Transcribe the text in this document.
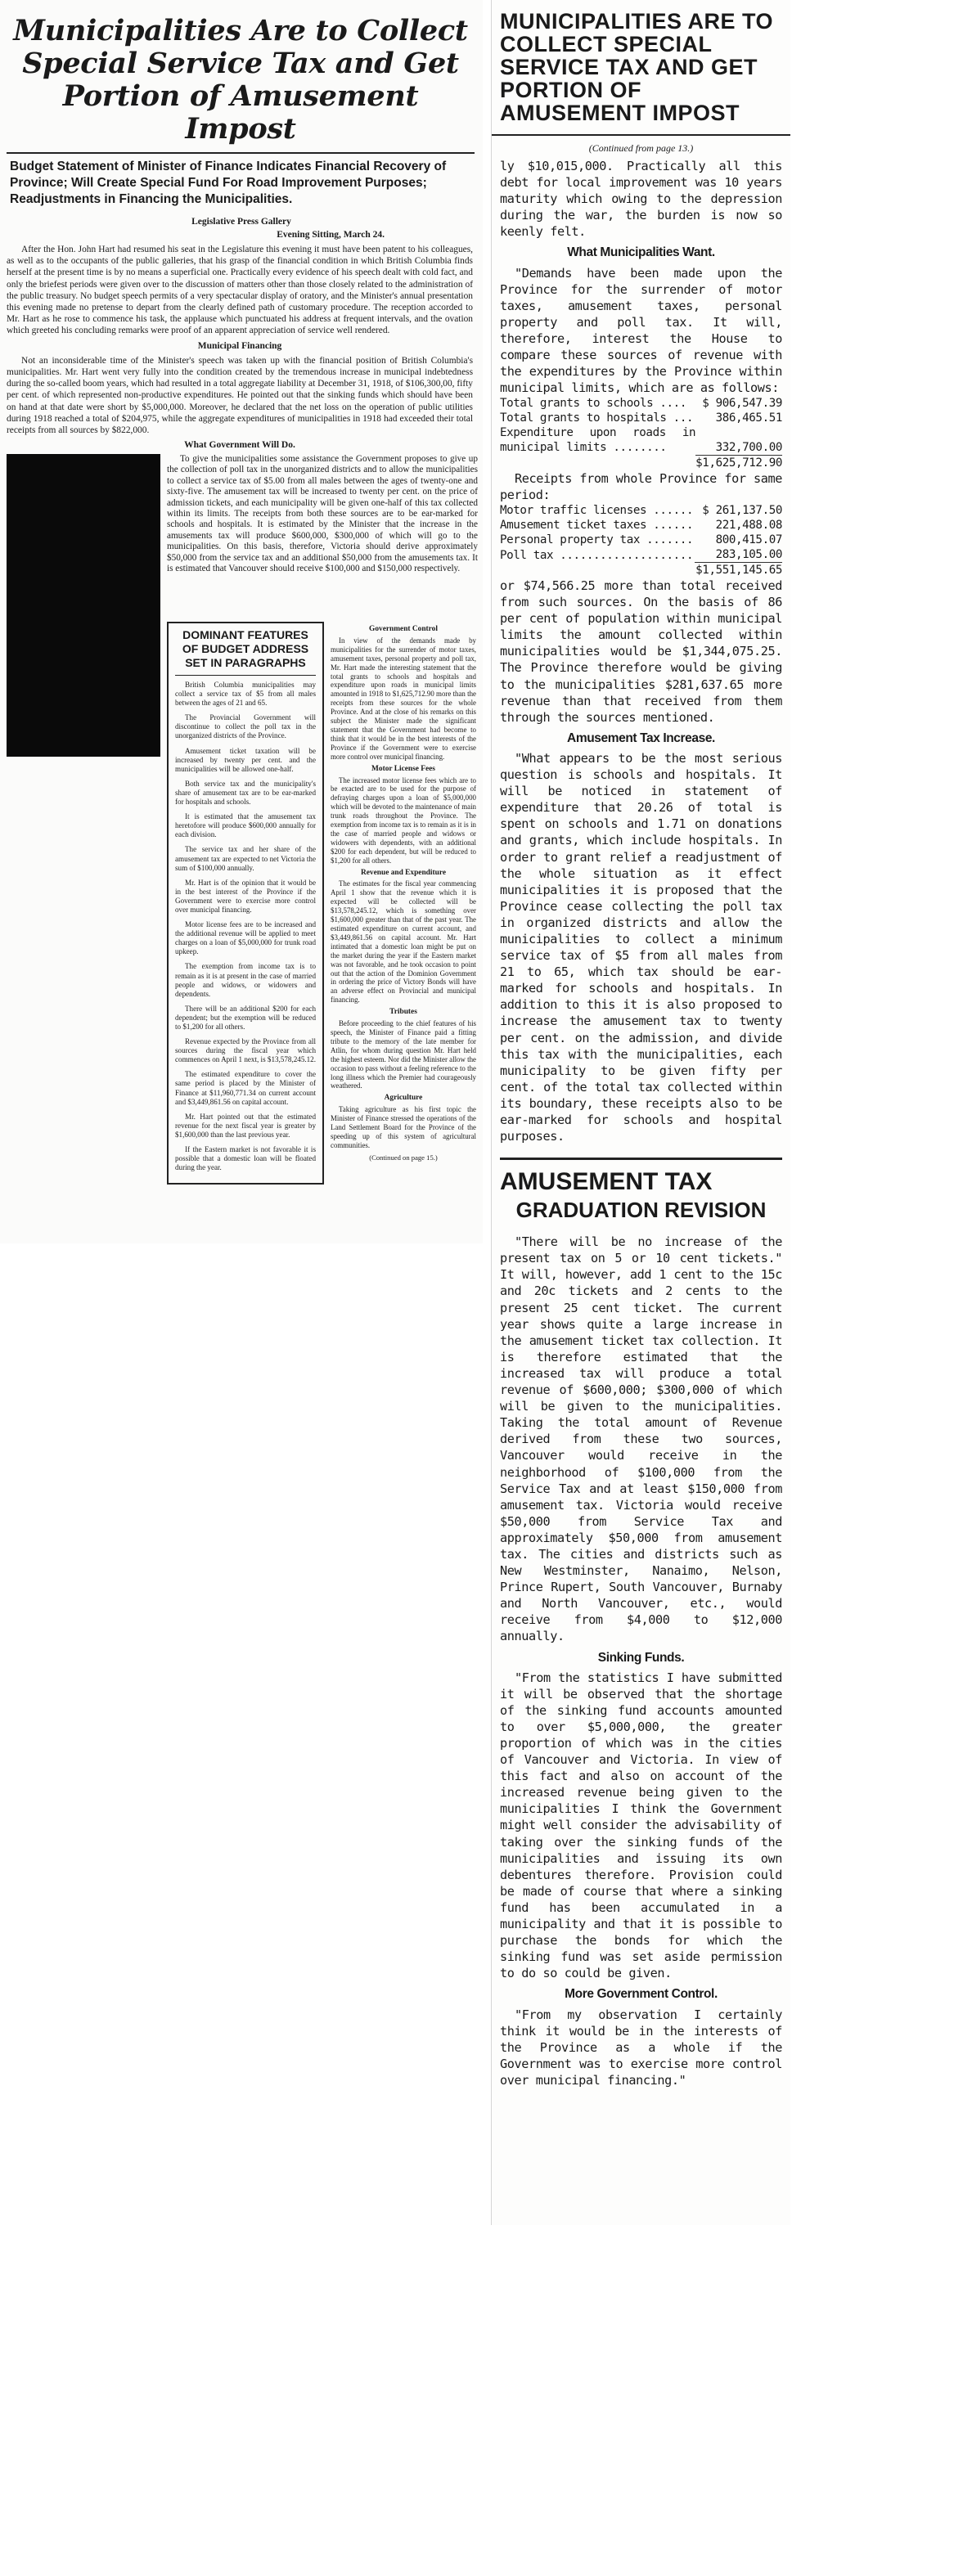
Municipalities Are to Collect Special Service Tax and Get Portion of Amusement Impost
Budget Statement of Minister of Finance Indicates Financial Recovery of Province; Will Create Special Fund For Road Improvement Purposes; Readjustments in Financing the Municipalities.
Legislative Press Gallery
Evening Sitting, March 24.

After the Hon. John Hart had resumed his seat in the Legislature this evening it must have been patent to his colleagues, as well as to the occupants of the public galleries, that his grasp of the financial condition in which British Columbia finds herself at the present time is by no means a superficial one. Practically every evidence of his speech dealt with cold fact, and only the briefest periods were given over to the discussion of matters other than those closely related to the administration of the public treasury. No budget speech permits of a very spectacular display of oratory, and the Minister's annual presentation this evening made no pretense to depart from the clearly defined path of customary procedure. The reception accorded to Mr. Hart as he rose to commence his task, the applause which punctuated his address at frequent intervals, and the ovation which greeted his concluding remarks were proof of an apparent appreciation of service well rendered.

Municipal Financing

Not an inconsiderable time of the Minister's speech was taken up with the financial position of British Columbia's municipalities. Mr. Hart went very fully into the condition created by the tremendous increase in municipal indebtedness during the so-called boom years, which had resulted in a total aggregate liability at December 31, 1918, of $106,300,00, fifty per cent. of which represented non-productive expenditures. He pointed out that the sinking funds which should have been on hand at that date were short by $5,000,000. Moreover, he declared that the net loss on the operation of public utilities during 1918 reached a total of $204,975, while the aggregate expenditures of municipalities in 1918 had exceeded their total receipts from all sources by $822,000.

What Government Will Do.

To give the municipalities some assistance the Government proposes to give up the collection of poll tax in the unorganized districts and to allow the municipalities to collect a service tax of $5.00 from all males between the ages of twenty-one and sixty-five. The amusement tax will be increased to twenty per cent. on the price of admission tickets, and each municipality will be given one-half of this tax collected within its limits. The receipts from both these sources are to be ear-marked for schools and hospitals. It is estimated by the Minister that the increase in the amusements tax will produce $600,000, $300,000 of which will go to the municipalities. On this basis, therefore, Victoria should derive approximately $50,000 from the service tax and an additional $50,000 from the amusements tax. It is estimated that Vancouver should receive $100,000 and $150,000 respectively.

DOMINANT FEATURES OF BUDGET ADDRESS SET IN PARAGRAPHS
British Columbia municipalities may collect a service tax of $5 from all males between the ages of 21 and 65.
The Provincial Government will discontinue to collect the poll tax in the unorganized districts of the Province.
Amusement ticket taxation will be increased by twenty per cent. and the municipalities will be allowed one-half.
Both service tax and the municipality's share of amusement tax are to be ear-marked for hospitals and schools.
It is estimated that the amusement tax heretofore will produce $600,000 annually for each division.
The service tax and her share of the amusement tax are expected to net Victoria the sum of $100,000 annually.
Mr. Hart is of the opinion that it would be in the best interest of the Province if the Government were to exercise more control over municipal financing.
Motor license fees are to be increased and the additional revenue will be applied to meet charges on a loan of $5,000,000 for trunk road upkeep.
The exemption from income tax is to remain as it is at present in the case of married people and widows, or widowers and dependents.
There will be an additional $200 for each dependent; but the exemption will be reduced to $1,200 for all others.
Revenue expected by the Province from all sources during the fiscal year which commences on April 1 next, is $13,578,245.12.
The estimated expenditure to cover the same period is placed by the Minister of Finance at $11,960,771.34 on current account and $3,449,861.56 on capital account.
Mr. Hart pointed out that the estimated revenue for the next fiscal year is greater by $1,600,000 than the last previous year.
If the Eastern market is not favorable it is possible that a domestic loan will be floated during the year.
Government Control

In view of the demands made by municipalities for the surrender of motor taxes, amusement taxes, personal property and poll tax, Mr. Hart made the interesting statement that the total grants to schools and hospitals and expenditure upon roads in municipal limits amounted in 1918 to $1,625,712.90 more than the receipts from these sources for the whole Province. And at the close of his remarks on this subject the Minister made the significant statement that the Government had become to think that it would be in the best interests of the Province if the Government were to exercise more control over municipal financing.

Motor License Fees

The increased motor license fees which are to be exacted are to be used for the purpose of defraying charges upon a loan of $5,000,000 which will be devoted to the maintenance of main trunk roads throughout the Province. The exemption from income tax is to remain as it is in the case of married people and widows or widowers with dependents, with an additional $200 for each dependent, but will be reduced to $1,200 for all others.

Revenue and Expenditure

The estimates for the fiscal year commencing April 1 show that the revenue which it is expected will be collected will be $13,578,245.12, which is something over $1,600,000 greater than that of the past year. The estimated expenditure on current account, and $3,449,861.56 on capital account. Mr. Hart intimated that a domestic loan might be put on the market during the year if the Eastern market was not favorable, and he took occasion to point out that the action of the Dominion Government in ordering the price of Victory Bonds will have an adverse effect on Provincial and municipal financing.

Tributes

Before proceeding to the chief features of his speech, the Minister of Finance paid a fitting tribute to the memory of the late member for Atlin, for whom during question Mr. Hart held the highest esteem. Nor did the Minister allow the occasion to pass without a feeling reference to the long illness which the Premier had courageously weathered.

Agriculture

Taking agriculture as his first topic the Minister of Finance stressed the operations of the Land Settlement Board for the Province of the speeding up of this system of agricultural communities.

(Continued on page 15.)
MUNICIPALITIES ARE TO COLLECT SPECIAL SERVICE TAX AND GET PORTION OF AMUSEMENT IMPOST
(Continued from page 13.)

ly $10,015,000. Practically all this debt for local improvement was 10 years maturity which owing to the depression during the war, the burden is now so keenly felt.

What Municipalities Want.

"Demands have been made upon the Province for the surrender of motor taxes, amusement taxes, personal property and poll tax. It will, therefore, interest the House to compare these sources of revenue with the expenditures by the Province within municipal limits, which are as follows:

Total grants to schools ....	$ 906,547.39
Total grants to hospitals ...	386,465.51
Expenditure upon roads in municipal limits ........	332,700.00
	$1,625,712.90

Receipts from whole Province for same period:

Motor traffic licenses ......	$ 261,137.50
Amusement ticket taxes ......	221,488.08
Personal property tax .......	800,415.07
Poll tax ....................	283,105.00
	$1,551,145.65

or $74,566.25 more than total received from such sources. On the basis of 86 per cent of population within municipal limits the amount collected within municipalities would be $1,344,075.25. The Province therefore would be giving to the municipalities $281,637.65 more revenue than that received from them through the sources mentioned.

Amusement Tax Increase.

"What appears to be the most serious question is schools and hospitals. It will be noticed in statement of expenditure that 20.26 of total is spent on schools and 1.71 on donations and grants, which include hospitals. In order to grant relief a readjustment of the whole situation as it effect municipalities it is proposed that the Province cease collecting the poll tax in organized districts and allow the municipalities to collect a minimum service tax of $5 from all males from 21 to 65, which tax should be ear-marked for schools and hospitals. In addition to this it is also proposed to increase the amusement tax to twenty per cent. on the admission, and divide this tax with the municipalities, each municipality to be given fifty per cent. of the total tax collected within its boundary, these receipts also to be ear-marked for schools and hospital purposes.

AMUSEMENT TAX
GRADUATION REVISION

"There will be no increase of the present tax on 5 or 10 cent tickets." It will, however, add 1 cent to the 15c and 20c tickets and 2 cents to the present 25 cent ticket. The current year shows quite a large increase in the amusement ticket tax collection. It is therefore estimated that the increased tax will produce a total revenue of $600,000; $300,000 of which will be given to the municipalities. Taking the total amount of Revenue derived from these two sources, Vancouver would receive in the neighborhood of $100,000 from the Service Tax and at least $150,000 from amusement tax. Victoria would receive $50,000 from Service Tax and approximately $50,000 from amusement tax. The cities and districts such as New Westminster, Nanaimo, Nelson, Prince Rupert, South Vancouver, Burnaby and North Vancouver, etc., would receive from $4,000 to $12,000 annually.

Sinking Funds.

"From the statistics I have submitted it will be observed that the shortage of the sinking fund accounts amounted to over $5,000,000, the greater proportion of which was in the cities of Vancouver and Victoria. In view of this fact and also on account of the increased revenue being given to the municipalities I think the Government might well consider the advisability of taking over the sinking funds of the municipalities and issuing its own debentures therefore. Provision could be made of course that where a sinking fund has been accumulated in a municipality and that it is possible to purchase the bonds for which the sinking fund was set aside permission to do so could be given.

More Government Control.

"From my observation I certainly think it would be in the interests of the Province as a whole if the Government was to exercise more control over municipal financing."
